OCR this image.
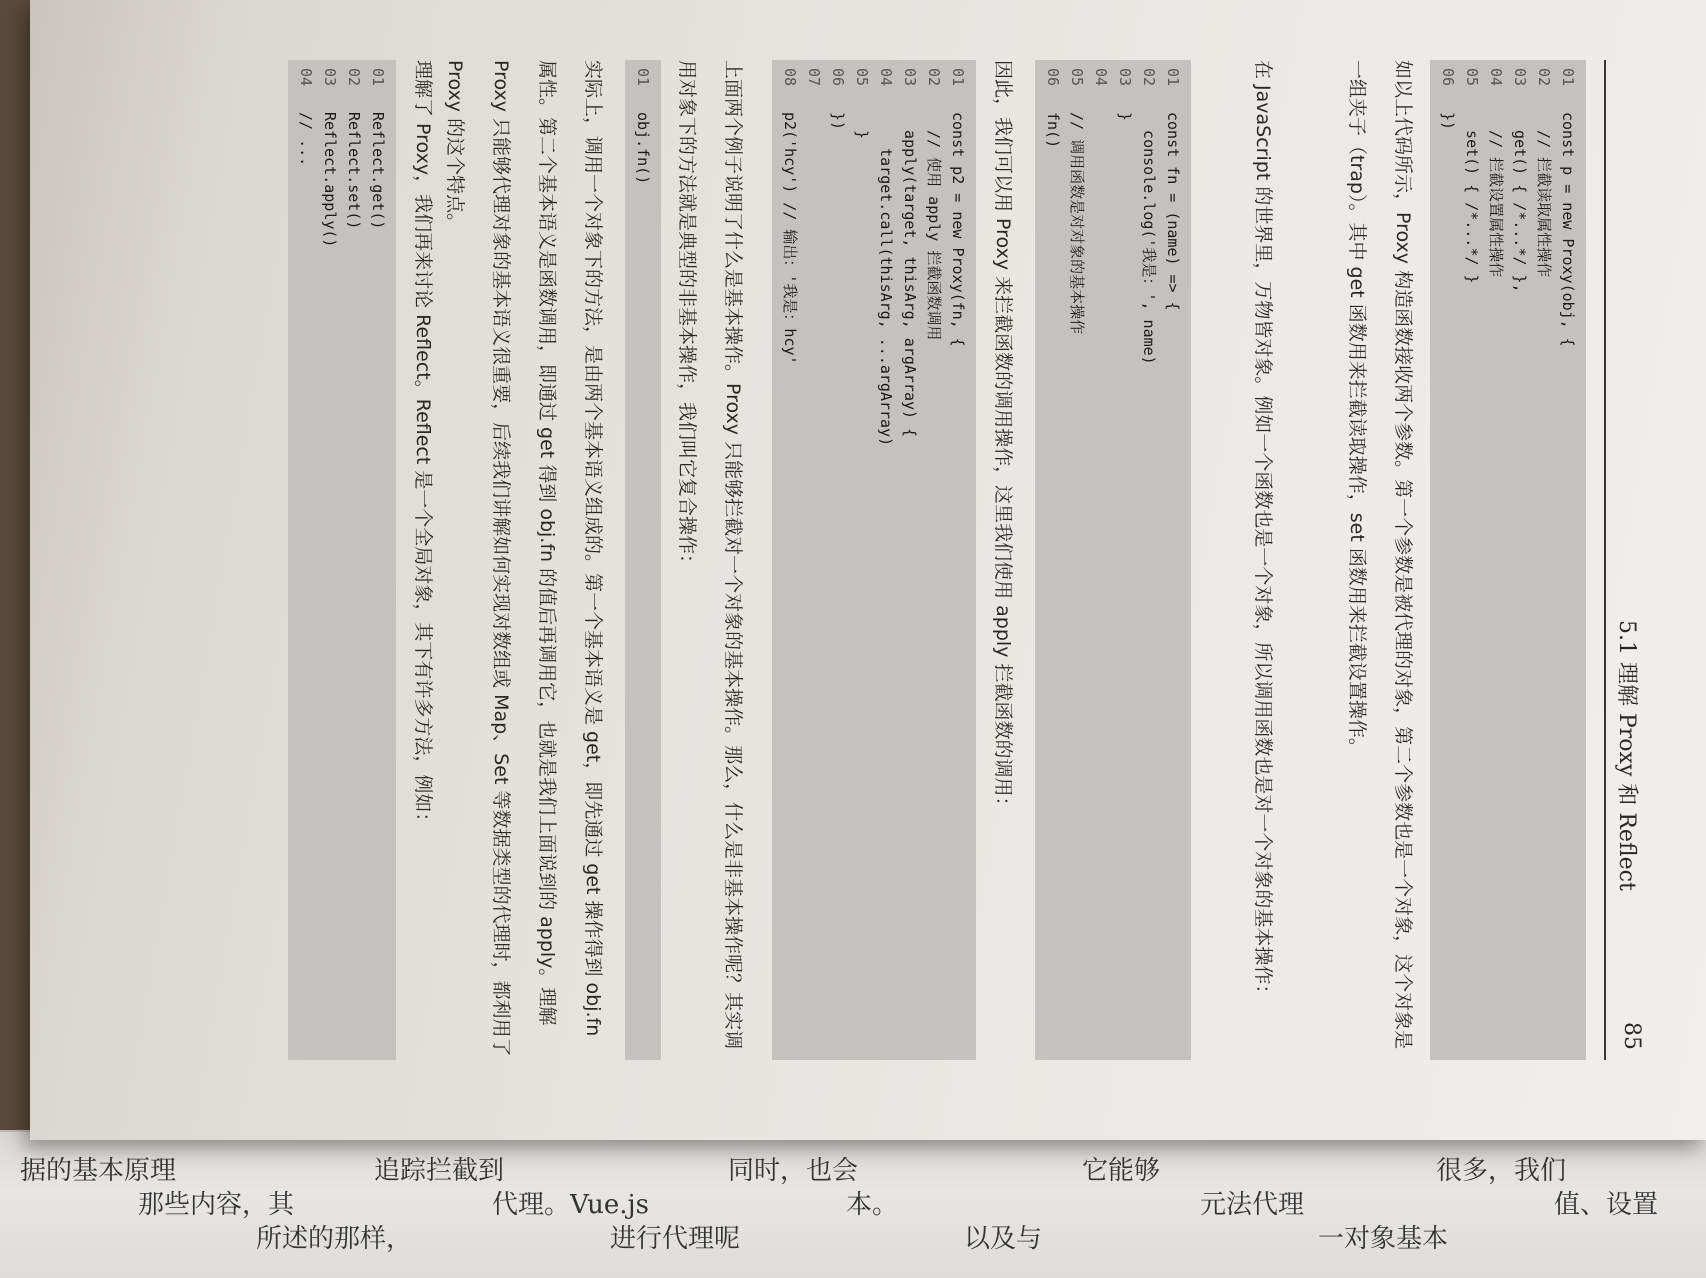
据的基本原理
那些内容，其
所述的那样，
追踪拦截到
代理。Vue.js
进行代理呢
同时，也会
本。
以及与
它能够
元法代理
一对象基本
很多，我们
值、设置
5.1 理解 Proxy 和 Reflect
85
01const p = new Proxy(obj, {
02  // 拦截读取属性操作
03  get() { /*...*/ },
04  // 拦截设置属性操作
05  set() { /*...*/ }
06})
如以上代码所示，Proxy 构造函数接收两个参数。第一个参数是被代理的对象，第二个参数也是一个对象，这个对象是一组夹子（trap）。其中 get 函数用来拦截读取操作，set 函数用来拦截设置操作。
在 JavaScript 的世界里，万物皆对象。例如一个函数也是一个对象，所以调用函数也是对一个对象的基本操作：
01const fn = (name) => {
02  console.log('我是：', name)
03}
04
05// 调用函数是对对象的基本操作
06fn()
因此，我们可以用 Proxy 来拦截函数的调用操作，这里我们使用 apply 拦截函数的调用：
01const p2 = new Proxy(fn, {
02  // 使用 apply 拦截函数调用
03  apply(target, thisArg, argArray) {
04    target.call(thisArg, ...argArray)
05  }
06})
07
08p2('hcy') // 输出：'我是：hcy'
上面两个例子说明了什么是基本操作。Proxy 只能够拦截对一个对象的基本操作。那么，什么是非基本操作呢？其实调用对象下的方法就是典型的非基本操作，我们叫它复合操作：
01obj.fn()
实际上，调用一个对象下的方法，是由两个基本语义组成的。第一个基本语义是 get，即先通过 get 操作得到 obj.fn 属性。第二个基本语义是函数调用，即通过 get 得到 obj.fn 的值后再调用它，也就是我们上面说到的 apply。理解 Proxy 只能够代理对象的基本语义很重要，后续我们讲解如何实现对数组或 Map、Set 等数据类型的代理时，都利用了 Proxy 的这个特点。
理解了 Proxy，我们再来讨论 Reflect。Reflect 是一个全局对象，其下有许多方法，例如：
01Reflect.get()
02Reflect.set()
03Reflect.apply()
04// ...
